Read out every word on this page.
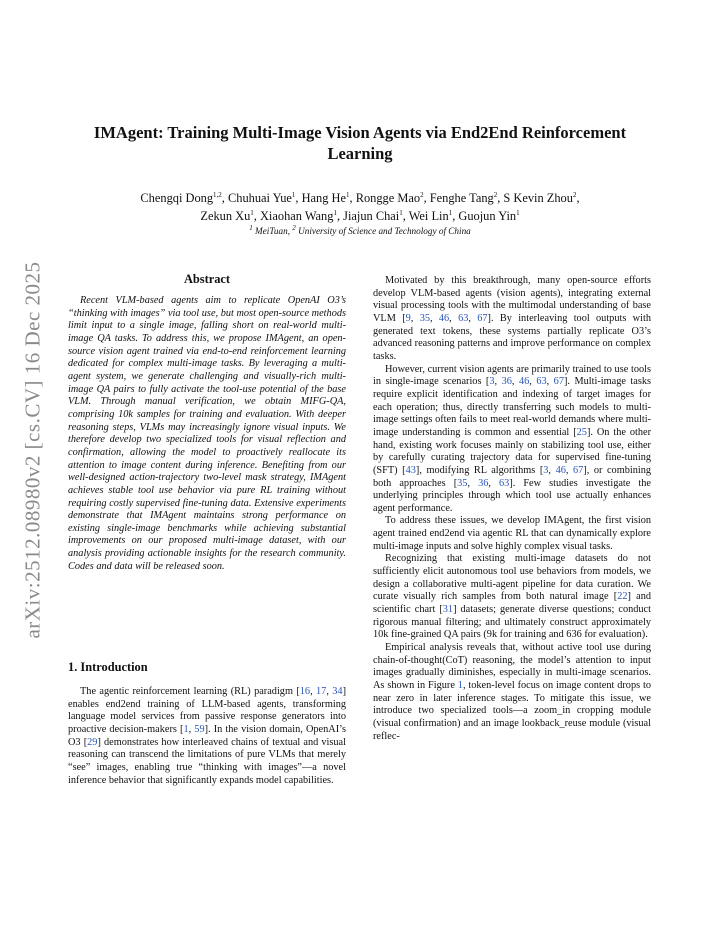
arXiv:2512.08980v2 [cs.CV] 16 Dec 2025
IMAgent: Training Multi-Image Vision Agents via End2End Reinforcement Learning
Chengqi Dong$^{1,2}$, Chuhuai Yue$^1$, Hang He$^1$, Rongge Mao$^2$, Fenghe Tang$^2$, S Kevin Zhou$^2$,
Zekun Xu$^1$, Xiaohan Wang$^1$, Jiajun Chai$^1$, Wei Lin$^1$, Guojun Yin$^1$
$^1$ MeiTuan, $^2$ University of Science and Technology of China
Abstract

Recent VLM-based agents aim to replicate OpenAI O3’s “thinking with images” via tool use, but most open-source methods limit input to a single image, falling short on real-world multi-image QA tasks. To address this, we propose IMAgent, an open-source vision agent trained via end-to-end reinforcement learning dedicated for complex multi-image tasks. By leveraging a multi-agent system, we generate challenging and visually-rich multi-image QA pairs to fully activate the tool-use potential of the base VLM. Through manual verification, we obtain MIFG-QA, comprising 10k samples for training and evaluation. With deeper reasoning steps, VLMs may increasingly ignore visual inputs. We therefore develop two specialized tools for visual reflection and confirmation, allowing the model to proactively reallocate its attention to image content during inference. Benefiting from our well-designed action-trajectory two-level mask strategy, IMAgent achieves stable tool use behavior via pure RL training without requiring costly supervised fine-tuning data. Extensive experiments demonstrate that IMAgent maintains strong performance on existing single-image benchmarks while achieving substantial improvements on our proposed multi-image dataset, with our analysis providing actionable insights for the research community. Codes and data will be released soon.

1. Introduction

The agentic reinforcement learning (RL) paradigm [16, 17, 34] enables end2end training of LLM-based agents, transforming language model services from passive response generators into proactive decision-makers [1, 59]. In the vision domain, OpenAI’s O3 [29] demonstrates how interleaved chains of textual and visual reasoning can transcend the limitations of pure VLMs that merely “see” images, enabling true “thinking with images”—a novel inference behavior that significantly expands model capabilities.

Motivated by this breakthrough, many open-source efforts develop VLM-based agents (vision agents), integrating external visual processing tools with the multimodal understanding of base VLM [9, 35, 46, 63, 67]. By interleaving tool outputs with generated text tokens, these systems partially replicate O3’s advanced reasoning patterns and improve performance on complex tasks.

However, current vision agents are primarily trained to use tools in single-image scenarios [3, 36, 46, 63, 67]. Multi-image tasks require explicit identification and indexing of target images for each operation; thus, directly transferring such models to multi-image settings often fails to meet real-world demands where multi-image understanding is common and essential [25]. On the other hand, existing work focuses mainly on stabilizing tool use, either by carefully curating trajectory data for supervised fine-tuning (SFT) [43], modifying RL algorithms [3, 46, 67], or combining both approaches [35, 36, 63]. Few studies investigate the underlying principles through which tool use actually enhances agent performance.

To address these issues, we develop IMAgent, the first vision agent trained end2end via agentic RL that can dynamically explore multi-image inputs and solve highly complex visual tasks.

Recognizing that existing multi-image datasets do not sufficiently elicit autonomous tool use behaviors from models, we design a collaborative multi-agent pipeline for data curation. We curate visually rich samples from both natural image [22] and scientific chart [31] datasets; generate diverse questions; conduct rigorous manual filtering; and ultimately construct approximately 10k fine-grained QA pairs (9k for training and 636 for evaluation).

Empirical analysis reveals that, without active tool use during chain-of-thought(CoT) reasoning, the model’s attention to input images gradually diminishes, especially in multi-image scenarios. As shown in Figure 1, token-level focus on image content drops to near zero in later inference stages. To mitigate this issue, we introduce two specialized tools—a zoom_in cropping module (visual confirmation) and an image lookback_reuse module (visual reflec-
